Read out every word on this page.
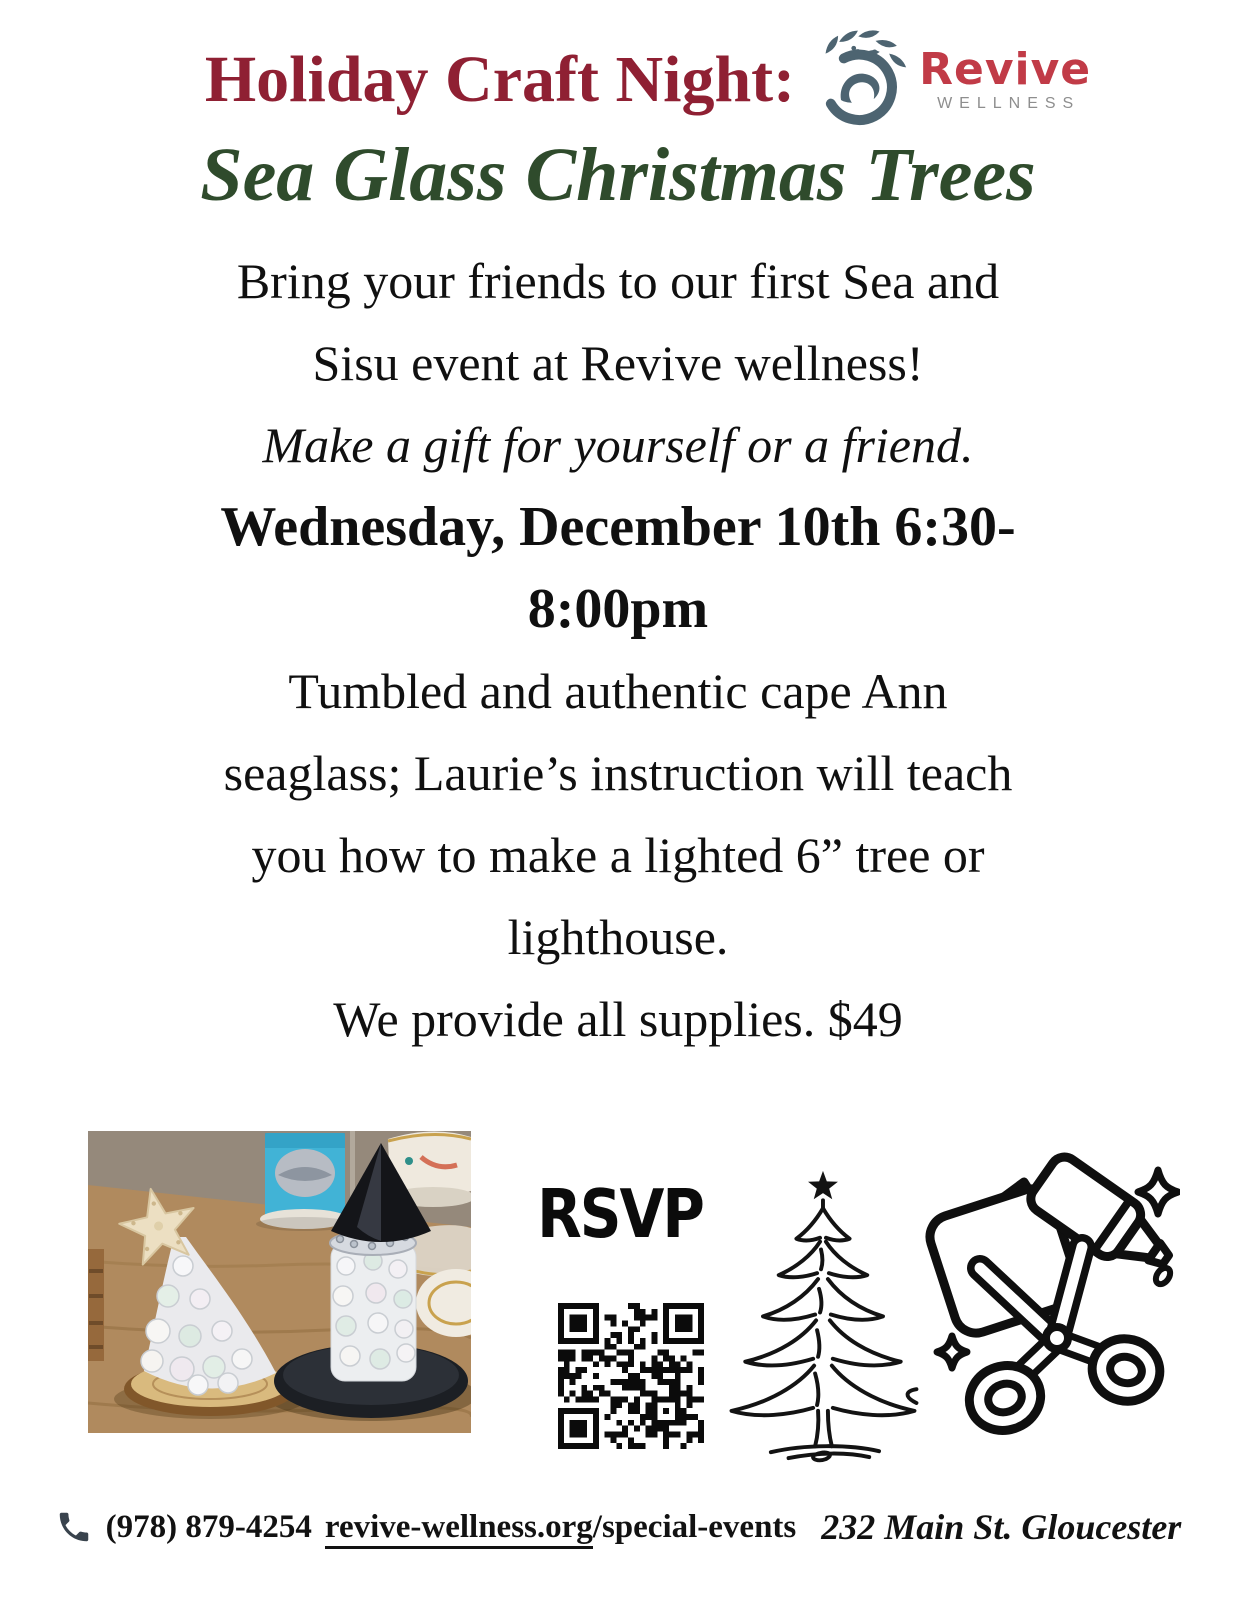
Holiday Craft Night:	Revive
WELLNESS
Sea Glass Christmas Trees
Bring your friends to our first Sea and
Sisu event at Revive wellness!
Make a gift for yourself or a friend.
Wednesday, December 10th 6:30-
8:00pm
Tumbled and authentic cape Ann
seaglass; Laurie’s instruction will teach
you how to make a lighted 6” tree or
lighthouse.
We provide all supplies. $49
RSVP
(978) 879-4254 revive-wellness.org/special-events 232 Main St. Gloucester
